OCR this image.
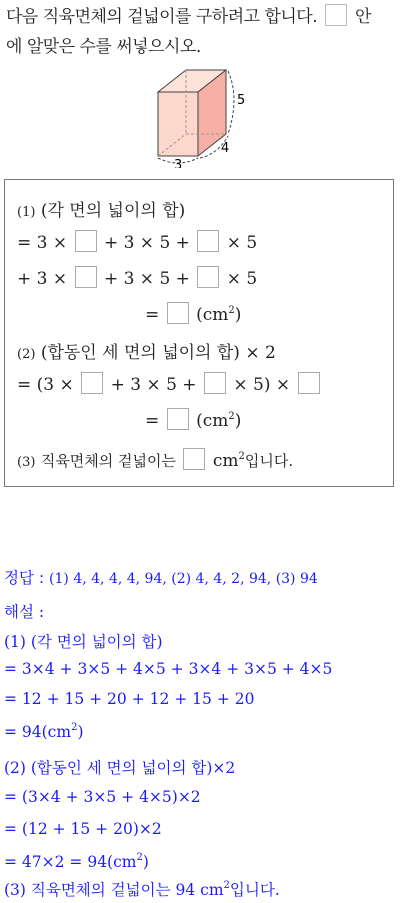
다음 직육면체의 겉넓이를 구하려고 합니다. 안
에 알맞은 수를 써넣으시오.
5
4
3
(1) (각 면의 넓이의 합)
= 3 × + 3 × 5 + × 5
+ 3 × + 3 × 5 + × 5
= $(cm^2)$
(2) (합동인 세 면의 넓이의 합) × 2
= (3 × + 3 × 5 + × 5) ×
= $(cm^2)$
(3) 직육면체의 겉넓이는 $cm^2$입니다.
정답 : (1) 4, 4, 4, 4, 94, (2) 4, 4, 2, 94, (3) 94
해설 :
(1) (각 면의 넓이의 합)
= 3×4 + 3×5 + 4×5 + 3×4 + 3×5 + 4×5
= 12 + 15 + 20 + 12 + 15 + 20
= $94(cm^2)$
(2) (합동인 세 면의 넓이의 합)×2
= (3×4 + 3×5 + 4×5)×2
= (12 + 15 + 20)×2
= $47\times 2 = 94(cm^2)$
(3) 직육면체의 겉넓이는 94 $cm^2$입니다.
